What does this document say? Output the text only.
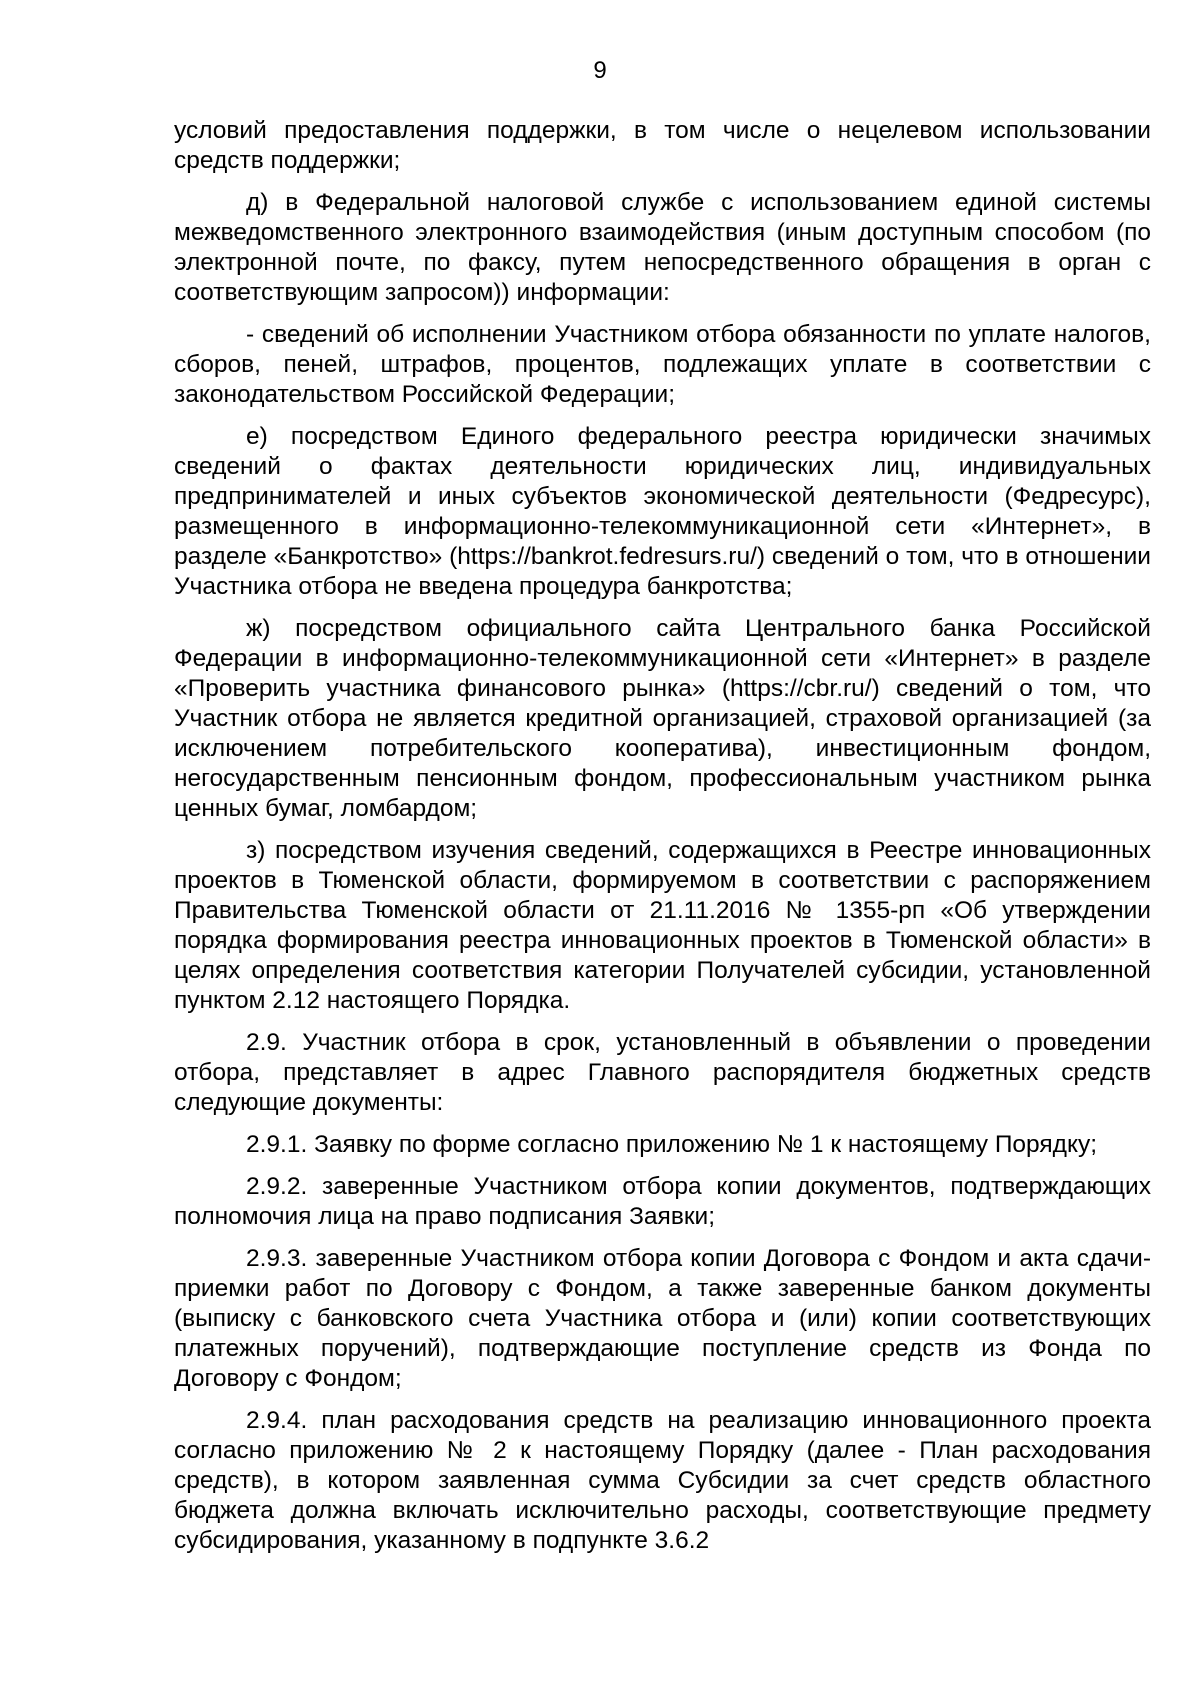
9

условий предоставления поддержки, в том числе о нецелевом использовании средств поддержки;

д) в Федеральной налоговой службе с использованием единой системы межведомственного электронного взаимодействия (иным доступным способом (по электронной почте, по факсу, путем непосредственного обращения в орган с соответствующим запросом)) информации:

- сведений об исполнении Участником отбора обязанности по уплате налогов, сборов, пеней, штрафов, процентов, подлежащих уплате в соответствии с законодательством Российской Федерации;

е) посредством Единого федерального реестра юридически значимых сведений о фактах деятельности юридических лиц, индивидуальных предпринимателей и иных субъектов экономической деятельности (Федресурс), размещенного в информационно-телекоммуникационной сети «Интернет», в разделе «Банкротство» (https://bankrot.fedresurs.ru/) сведений о том, что в отношении Участника отбора не введена процедура банкротства;

ж) посредством официального сайта Центрального банка Российской Федерации в информационно-телекоммуникационной сети «Интернет» в разделе «Проверить участника финансового рынка» (https://cbr.ru/) сведений о том, что Участник отбора не является кредитной организацией, страховой организацией (за исключением потребительского кооператива), инвестиционным фондом, негосударственным пенсионным фондом, профессиональным участником рынка ценных бумаг, ломбардом;

з) посредством изучения сведений, содержащихся в Реестре инновационных проектов в Тюменской области, формируемом в соответствии с распоряжением Правительства Тюменской области от 21.11.2016 № 1355-рп «Об утверждении порядка формирования реестра инновационных проектов в Тюменской области» в целях определения соответствия категории Получателей субсидии, установленной пунктом 2.12 настоящего Порядка.

2.9. Участник отбора в срок, установленный в объявлении о проведении отбора, представляет в адрес Главного распорядителя бюджетных средств следующие документы:

2.9.1. Заявку по форме согласно приложению № 1 к настоящему Порядку;

2.9.2. заверенные Участником отбора копии документов, подтверждающих полномочия лица на право подписания Заявки;

2.9.3. заверенные Участником отбора копии Договора с Фондом и акта сдачи-приемки работ по Договору с Фондом, а также заверенные банком документы (выписку с банковского счета Участника отбора и (или) копии соответствующих платежных поручений), подтверждающие поступление средств из Фонда по Договору с Фондом;

2.9.4. план расходования средств на реализацию инновационного проекта согласно приложению № 2 к настоящему Порядку (далее - План расходования средств), в котором заявленная сумма Субсидии за счет средств областного бюджета должна включать исключительно расходы, соответствующие предмету субсидирования, указанному в подпункте 3.6.2
